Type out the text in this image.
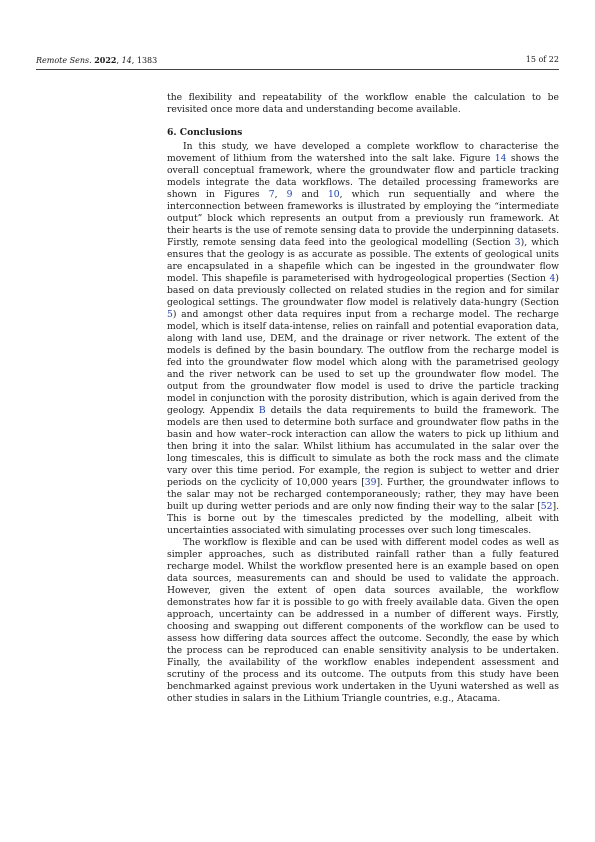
Remote Sens. 2022, 14, 1383	15 of 22

the flexibility and repeatability of the workflow enable the calculation to be revisited once more data and understanding become available.

6. Conclusions

In this study, we have developed a complete workflow to characterise the movement of lithium from the watershed into the salt lake. Figure 14 shows the overall conceptual framework, where the groundwater flow and particle tracking models integrate the data workflows. The detailed processing frameworks are shown in Figures 7, 9 and 10, which run sequentially and where the interconnection between frameworks is illustrated by employing the “intermediate output” block which represents an output from a previously run framework. At their hearts is the use of remote sensing data to provide the underpinning datasets. Firstly, remote sensing data feed into the geological modelling (Section 3), which ensures that the geology is as accurate as possible. The extents of geological units are encapsulated in a shapefile which can be ingested in the groundwater flow model. This shapefile is parameterised with hydrogeological properties (Section 4) based on data previously collected on related studies in the region and for similar geological settings. The groundwater flow model is relatively data-hungry (Section 5) and amongst other data requires input from a recharge model. The recharge model, which is itself data-intense, relies on rainfall and potential evaporation data, along with land use, DEM, and the drainage or river network. The extent of the models is defined by the basin boundary. The outflow from the recharge model is fed into the groundwater flow model which along with the parametrised geology and the river network can be used to set up the groundwater flow model. The output from the groundwater flow model is used to drive the particle tracking model in conjunction with the porosity distribution, which is again derived from the geology. Appendix B details the data requirements to build the framework. The models are then used to determine both surface and groundwater flow paths in the basin and how water–rock interaction can allow the waters to pick up lithium and then bring it into the salar. Whilst lithium has accumulated in the salar over the long timescales, this is difficult to simulate as both the rock mass and the climate vary over this time period. For example, the region is subject to wetter and drier periods on the cyclicity of 10,000 years [39]. Further, the groundwater inflows to the salar may not be recharged contemporaneously; rather, they may have been built up during wetter periods and are only now finding their way to the salar [52]. This is borne out by the timescales predicted by the modelling, albeit with uncertainties associated with simulating processes over such long timescales.

The workflow is flexible and can be used with different model codes as well as simpler approaches, such as distributed rainfall rather than a fully featured recharge model. Whilst the workflow presented here is an example based on open data sources, measurements can and should be used to validate the approach. However, given the extent of open data sources available, the workflow demonstrates how far it is possible to go with freely available data. Given the open approach, uncertainty can be addressed in a number of different ways. Firstly, choosing and swapping out different components of the workflow can be used to assess how differing data sources affect the outcome. Secondly, the ease by which the process can be reproduced can enable sensitivity analysis to be undertaken. Finally, the availability of the workflow enables independent assessment and scrutiny of the process and its outcome. The outputs from this study have been benchmarked against previous work undertaken in the Uyuni watershed as well as other studies in salars in the Lithium Triangle countries, e.g., Atacama.
